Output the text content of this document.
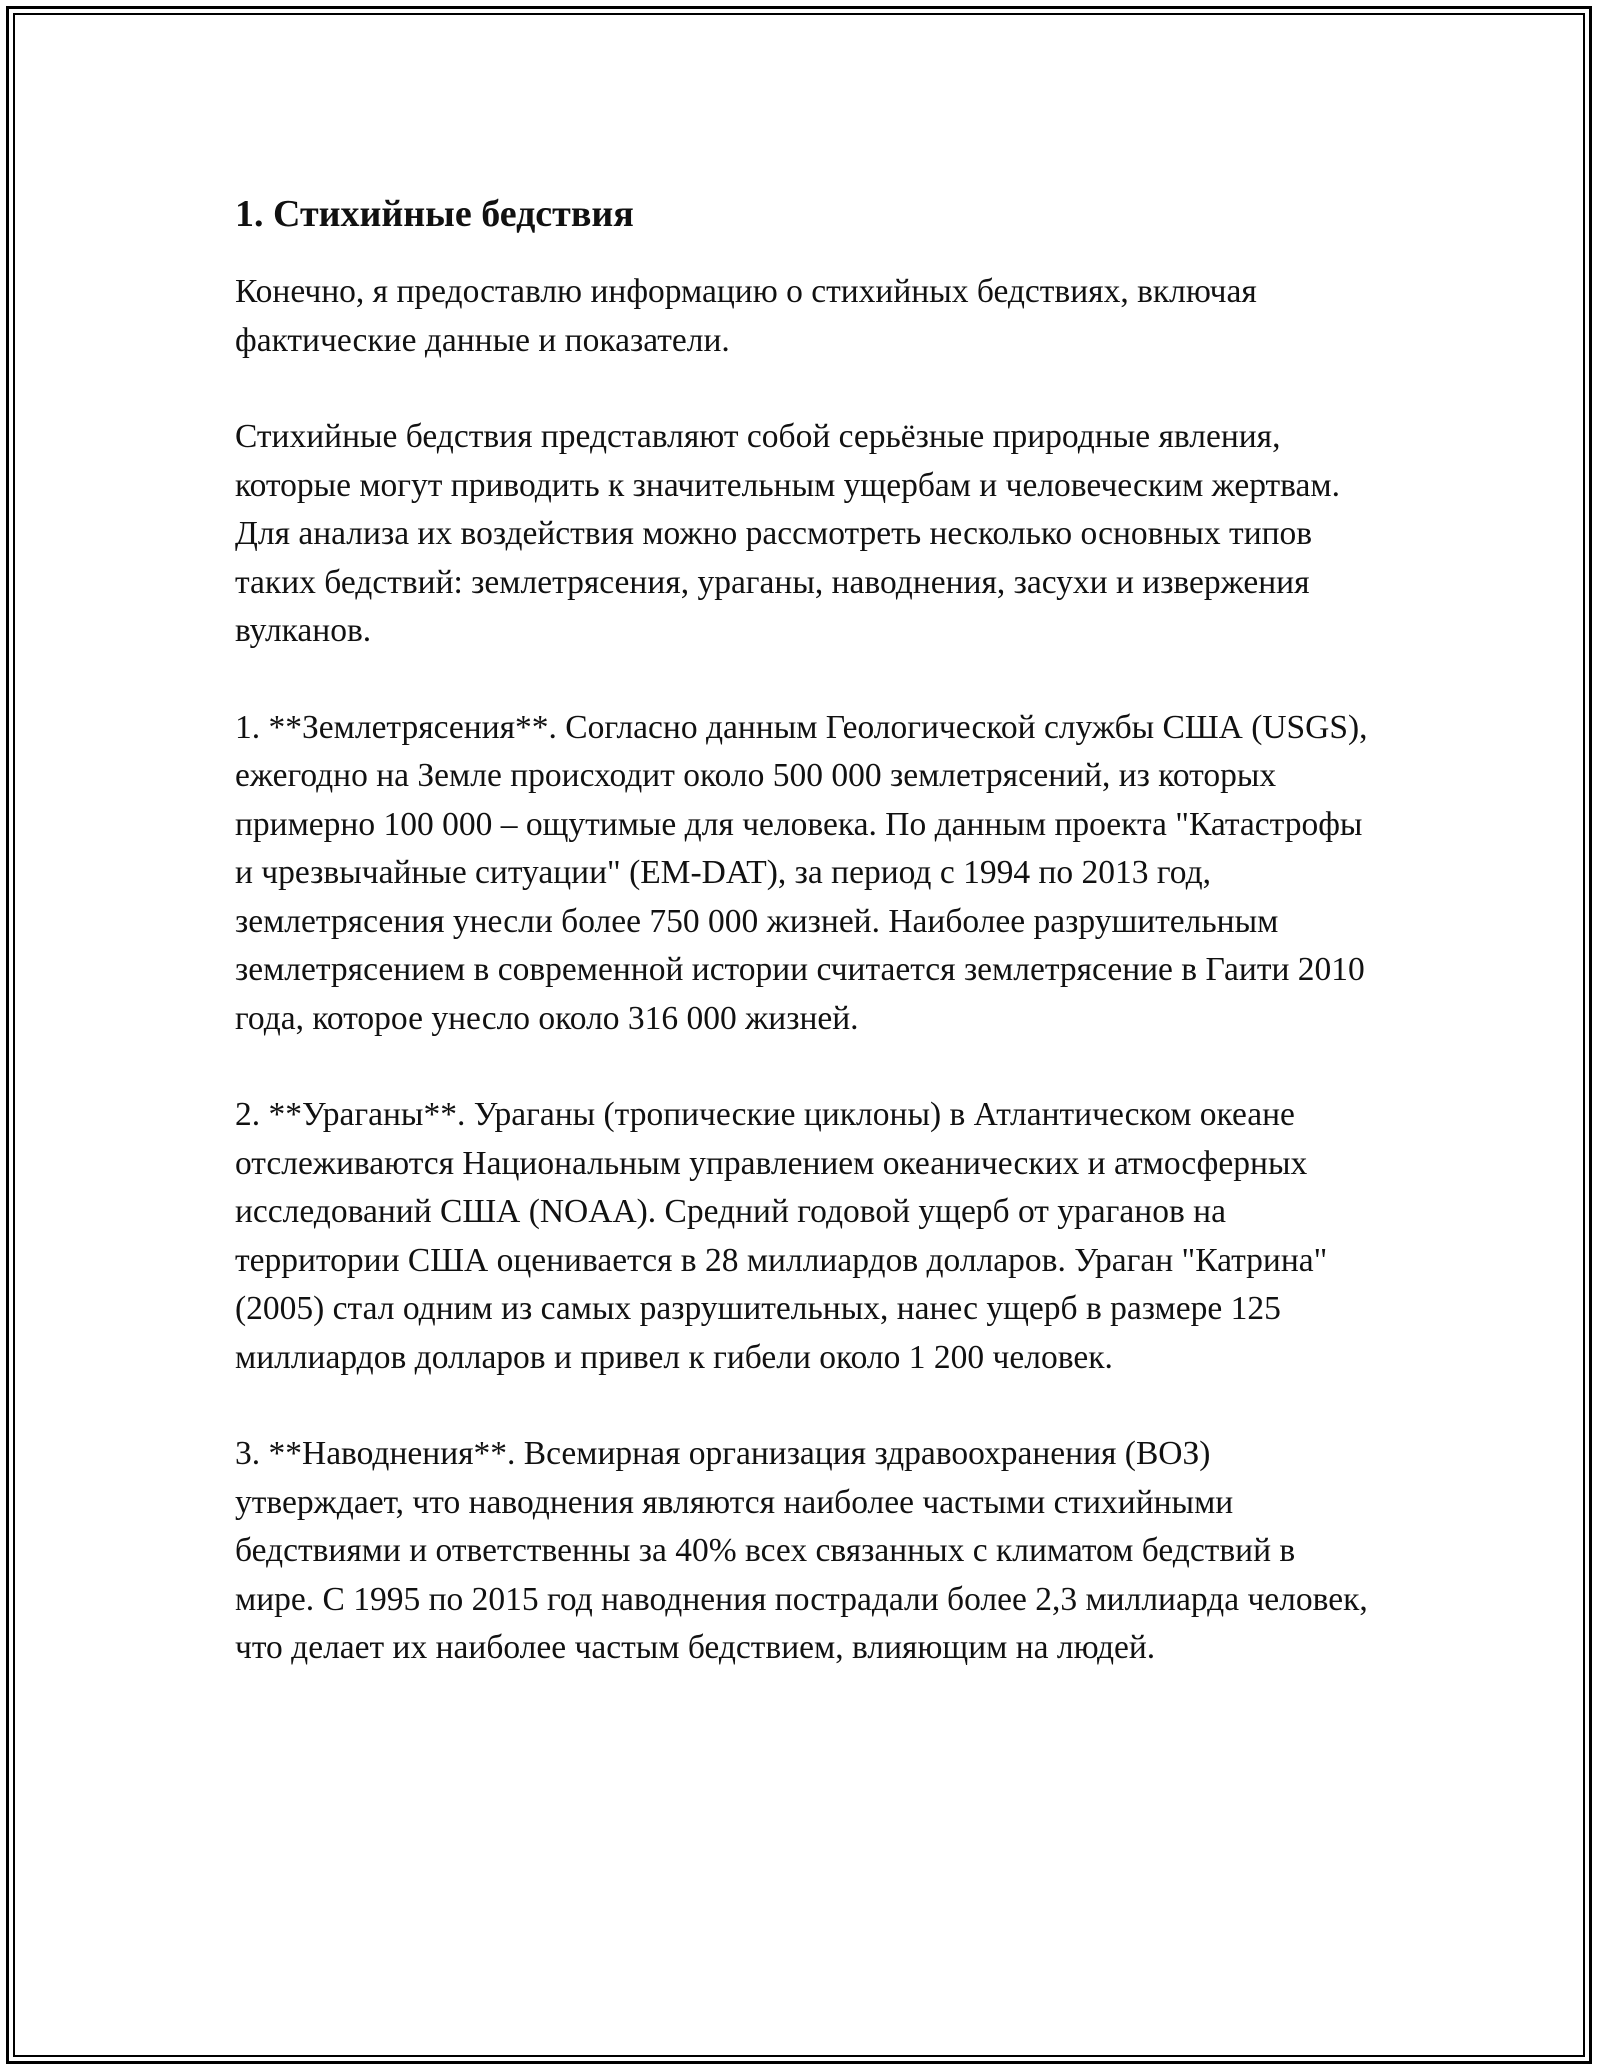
1. Стихийные бедствия

Конечно, я предоставлю информацию о стихийных бедствиях, включая фактические данные и показатели.

Стихийные бедствия представляют собой серьёзные природные явления, которые могут приводить к значительным ущербам и человеческим жертвам. Для анализа их воздействия можно рассмотреть несколько основных типов таких бедствий: землетрясения, ураганы, наводнения, засухи и извержения вулканов.

1. **Землетрясения**. Согласно данным Геологической службы США (USGS), ежегодно на Земле происходит около 500 000 землетрясений, из которых примерно 100 000 – ощутимые для человека. По данным проекта "Катастрофы и чрезвычайные ситуации" (EM-DAT), за период с 1994 по 2013 год, землетрясения унесли более 750 000 жизней. Наиболее разрушительным землетрясением в современной истории считается землетрясение в Гаити 2010 года, которое унесло около 316 000 жизней.

2. **Ураганы**. Ураганы (тропические циклоны) в Атлантическом океане отслеживаются Национальным управлением океанических и атмосферных исследований США (NOAA). Средний годовой ущерб от ураганов на территории США оценивается в 28 миллиардов долларов. Ураган "Катрина" (2005) стал одним из самых разрушительных, нанес ущерб в размере 125 миллиардов долларов и привел к гибели около 1 200 человек.

3. **Наводнения**. Всемирная организация здравоохранения (ВОЗ) утверждает, что наводнения являются наиболее частыми стихийными бедствиями и ответственны за 40% всех связанных с климатом бедствий в мире. С 1995 по 2015 год наводнения пострадали более 2,3 миллиарда человек, что делает их наиболее частым бедствием, влияющим на людей.
